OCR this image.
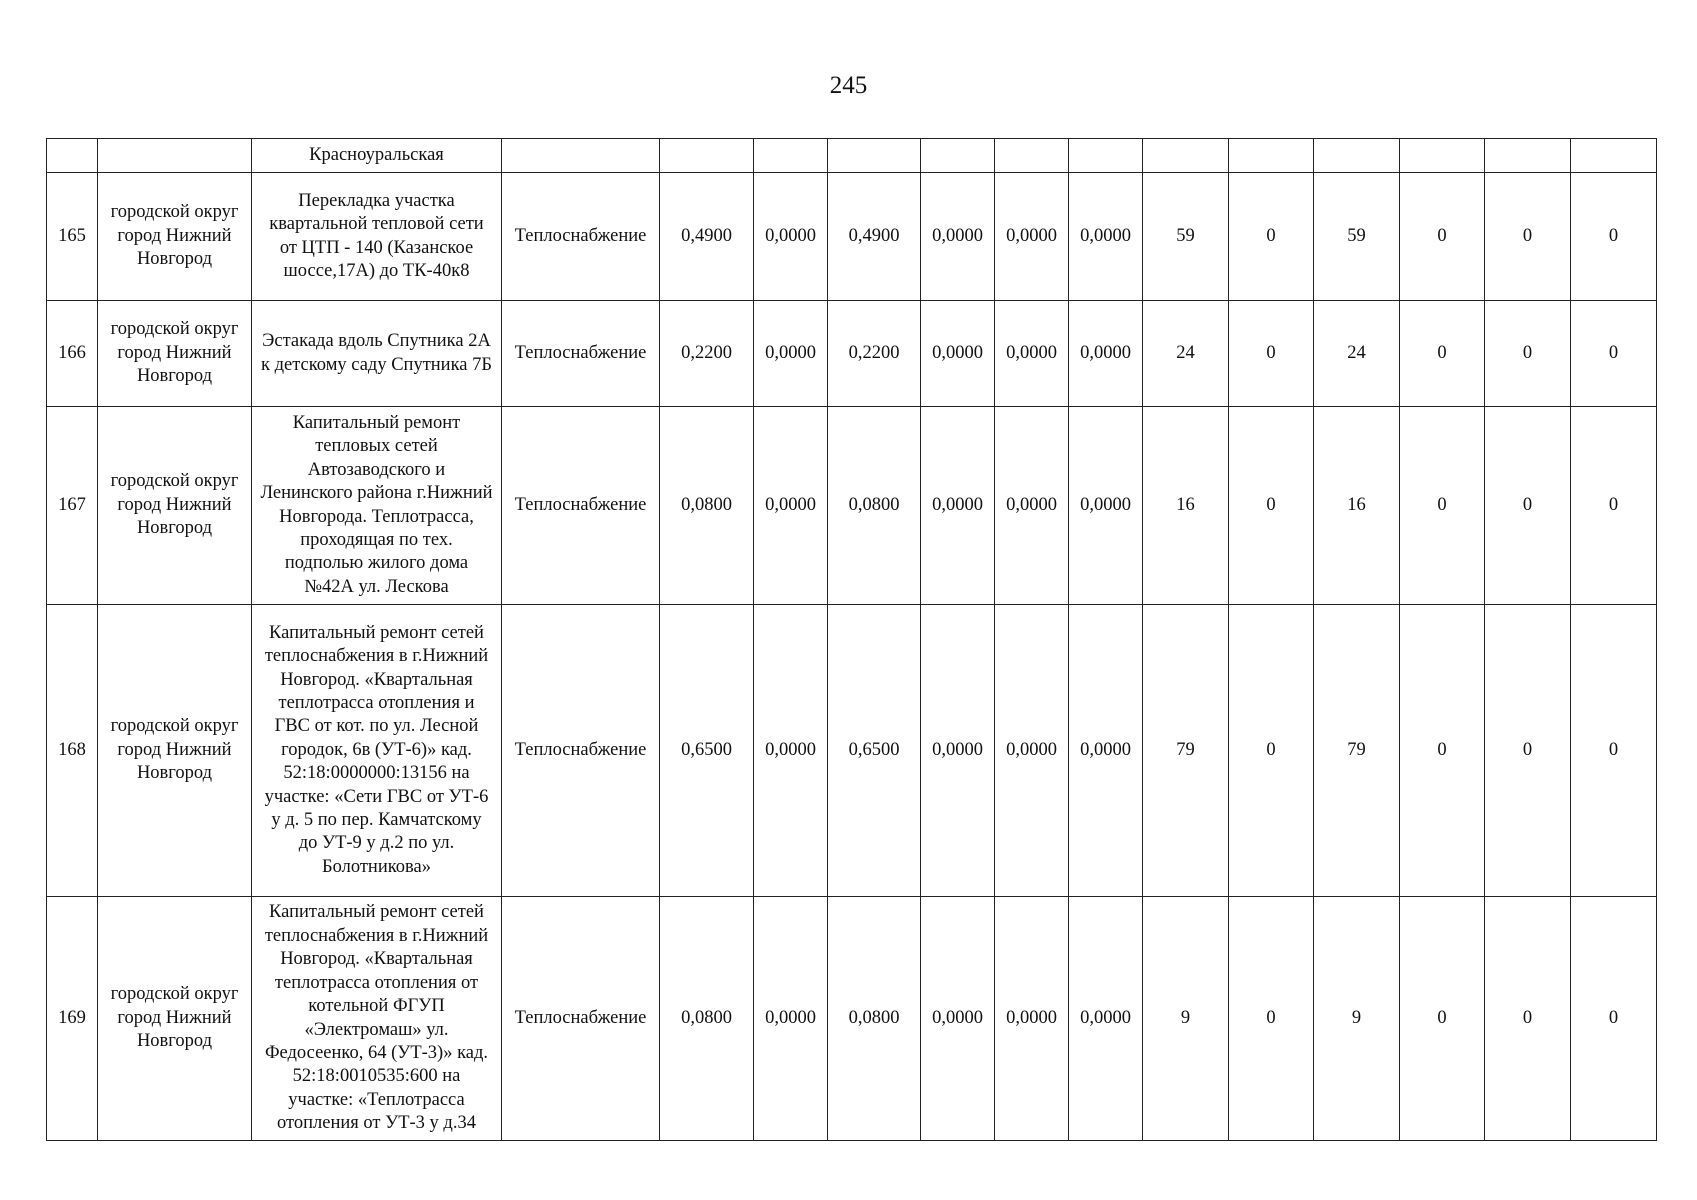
245
		Красноуральская													
165	городской округ город Нижний Новгород	Перекладка участка квартальной тепловой сети от ЦТП - 140 (Казанское шоссе,17А) до ТК-40к8	Теплоснабжение	0,4900	0,0000	0,4900	0,0000	0,0000	0,0000	59	0	59	0	0	0
166	городской округ город Нижний Новгород	Эстакада вдоль Спутника 2А к детскому саду Спутника 7Б	Теплоснабжение	0,2200	0,0000	0,2200	0,0000	0,0000	0,0000	24	0	24	0	0	0
167	городской округ город Нижний Новгород	Капитальный ремонт тепловых сетей Автозаводского и Ленинского района г.Нижний Новгорода. Теплотрасса, проходящая по тех. подполью жилого дома №42А ул. Лескова	Теплоснабжение	0,0800	0,0000	0,0800	0,0000	0,0000	0,0000	16	0	16	0	0	0
168	городской округ город Нижний Новгород	Капитальный ремонт сетей теплоснабжения в г.Нижний Новгород. «Квартальная теплотрасса отопления и ГВС от кот. по ул. Лесной городок, 6в (УТ-6)» кад. 52:18:0000000:13156 на участке: «Сети ГВС от УТ-6 у д. 5 по пер. Камчатскому до УТ-9 у д.2 по ул. Болотникова»	Теплоснабжение	0,6500	0,0000	0,6500	0,0000	0,0000	0,0000	79	0	79	0	0	0
169	городской округ город Нижний Новгород	Капитальный ремонт сетей теплоснабжения в г.Нижний Новгород. «Квартальная теплотрасса отопления от котельной ФГУП «Электромаш» ул. Федосеенко, 64 (УТ-3)» кад. 52:18:0010535:600 на участке: «Теплотрасса отопления от УТ-3 у д.34	Теплоснабжение	0,0800	0,0000	0,0800	0,0000	0,0000	0,0000	9	0	9	0	0	0
